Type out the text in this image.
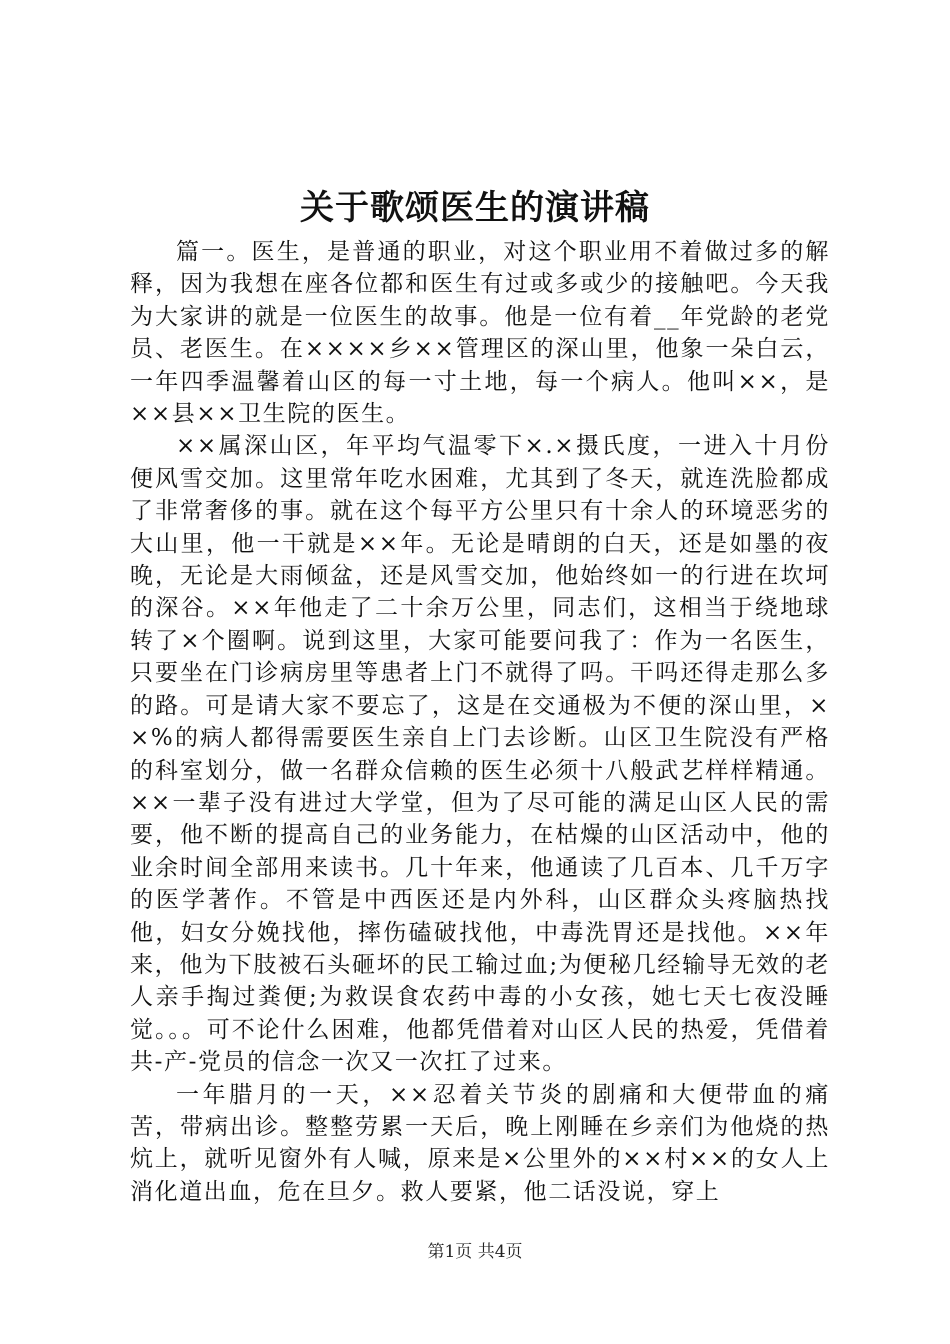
关于歌颂医生的演讲稿

篇一。医生，是普通的职业，对这个职业用不着做过多的解释，因为我想在座各位都和医生有过或多或少的接触吧。今天我为大家讲的就是一位医生的故事。他是一位有着__年党龄的老党员、老医生。在××××乡××管理区的深山里，他象一朵白云，一年四季温馨着山区的每一寸土地，每一个病人。他叫××，是××县××卫生院的医生。

××属深山区，年平均气温零下×.×摄氏度，一进入十月份便风雪交加。这里常年吃水困难，尤其到了冬天，就连洗脸都成了非常奢侈的事。就在这个每平方公里只有十余人的环境恶劣的大山里，他一干就是××年。无论是晴朗的白天，还是如墨的夜晚，无论是大雨倾盆，还是风雪交加，他始终如一的行进在坎坷的深谷。××年他走了二十余万公里，同志们，这相当于绕地球转了×个圈啊。说到这里，大家可能要问我了：作为一名医生，只要坐在门诊病房里等患者上门不就得了吗。干吗还得走那么多的路。可是请大家不要忘了，这是在交通极为不便的深山里，××%的病人都得需要医生亲自上门去诊断。山区卫生院没有严格的科室划分，做一名群众信赖的医生必须十八般武艺样样精通。××一辈子没有进过大学堂，但为了尽可能的满足山区人民的需要，他不断的提高自己的业务能力，在枯燥的山区活动中，他的业余时间全部用来读书。几十年来，他通读了几百本、几千万字的医学著作。不管是中西医还是内外科，山区群众头疼脑热找他，妇女分娩找他，摔伤磕破找他，中毒洗胃还是找他。××年来，他为下肢被石头砸坏的民工输过血;为便秘几经输导无效的老人亲手掏过粪便;为救误食农药中毒的小女孩，她七天七夜没睡觉。。。可不论什么困难，他都凭借着对山区人民的热爱，凭借着共-产-党员的信念一次又一次扛了过来。

一年腊月的一天，××忍着关节炎的剧痛和大便带血的痛苦，带病出诊。整整劳累一天后，晚上刚睡在乡亲们为他烧的热炕上，就听见窗外有人喊，原来是×公里外的××村××的女人上消化道出血，危在旦夕。救人要紧，他二话没说，穿上

第1页 共4页
